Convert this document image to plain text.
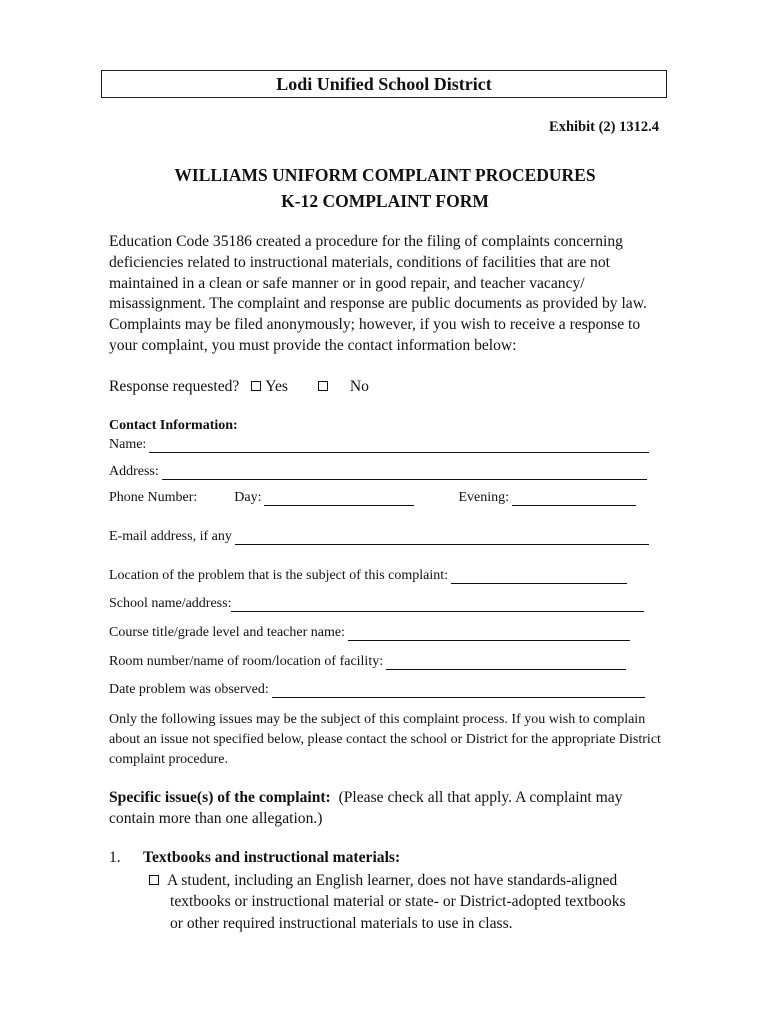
Lodi Unified School District
Exhibit (2) 1312.4
WILLIAMS UNIFORM COMPLAINT PROCEDURES
K-12 COMPLAINT FORM
Education Code 35186 created a procedure for the filing of complaints concerning deficiencies related to instructional materials, conditions of facilities that are not maintained in a clean or safe manner or in good repair, and teacher vacancy/ misassignment. The complaint and response are public documents as provided by law. Complaints may be filed anonymously; however, if you wish to receive a response to your complaint, you must provide the contact information below:
Response requested? Yes	No
Contact Information:
Name:
Address:
Phone Number:	Day:	Evening:
E-mail address, if any
Location of the problem that is the subject of this complaint:
School name/address:
Course title/grade level and teacher name:
Room number/name of room/location of facility:
Date problem was observed:
Only the following issues may be the subject of this complaint process. If you wish to complain about an issue not specified below, please contact the school or District for the appropriate District complaint procedure.
Specific issue(s) of the complaint: (Please check all that apply. A complaint may contain more than one allegation.)
1. Textbooks and instructional materials:
A student, including an English learner, does not have standards-aligned
textbooks or instructional material or state- or District-adopted textbooks
or other required instructional materials to use in class.
